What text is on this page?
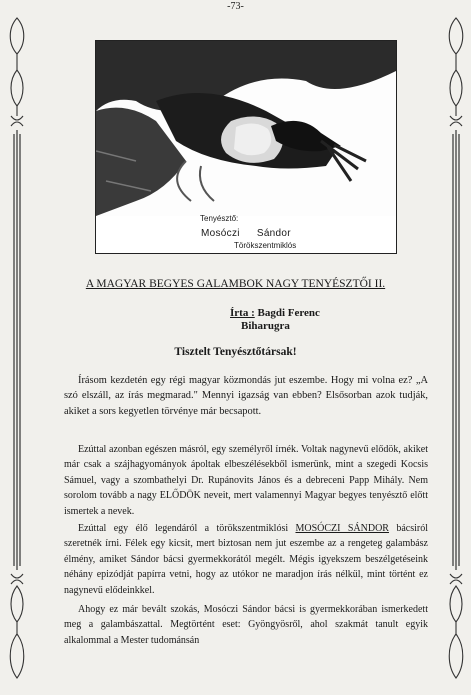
-73-
Tenyésztő:
Mosóczi Sándor
Törökszentmiklós
A MAGYAR BEGYES GALAMBOK NAGY TENYÉSZTŐI II.
Írta : Bagdi Ferenc
Biharugra
Tisztelt Tenyésztőtársak!

Írásom kezdetén egy régi magyar közmondás jut eszembe. Hogy mi volna ez? „A szó elszáll, az írás megmarad." Mennyi igazság van ebben? Elsősorban azok tudják, akiket a sors kegyetlen törvénye már becsapott.

Ezúttal azonban egészen másról, egy személyről írnék. Voltak nagynevű elődök, akiket már csak a szájhagyományok ápoltak elbeszélésekből ismerünk, mint a szegedi Kocsis Sámuel, vagy a szombathelyi Dr. Rupánovits János és a debreceni Papp Mihály. Nem sorolom tovább a nagy ELŐDÖK neveit, mert valamennyi Magyar begyes tenyésztő előtt ismertek a nevek.

Ezúttal egy élő legendáról a törökszentmiklósi MOSÓCZI SÁNDOR bácsiról szeretnék írni. Félek egy kicsit, mert biztosan nem jut eszembe az a rengeteg galambász élmény, amiket Sándor bácsi gyermekkorától megélt. Mégis igyekszem beszélgetéseink néhány epizódját papírra vetni, hogy az utókor ne maradjon írás nélkül, mint történt ez nagynevű elődeinkkel.

Ahogy ez már bevált szokás, Mosóczi Sándor bácsi is gyermekkorában ismerkedett meg a galambászattal. Megtörtént eset: Gyöngyösről, ahol szakmát tanult egyik alkalommal a Mester tudománsán
